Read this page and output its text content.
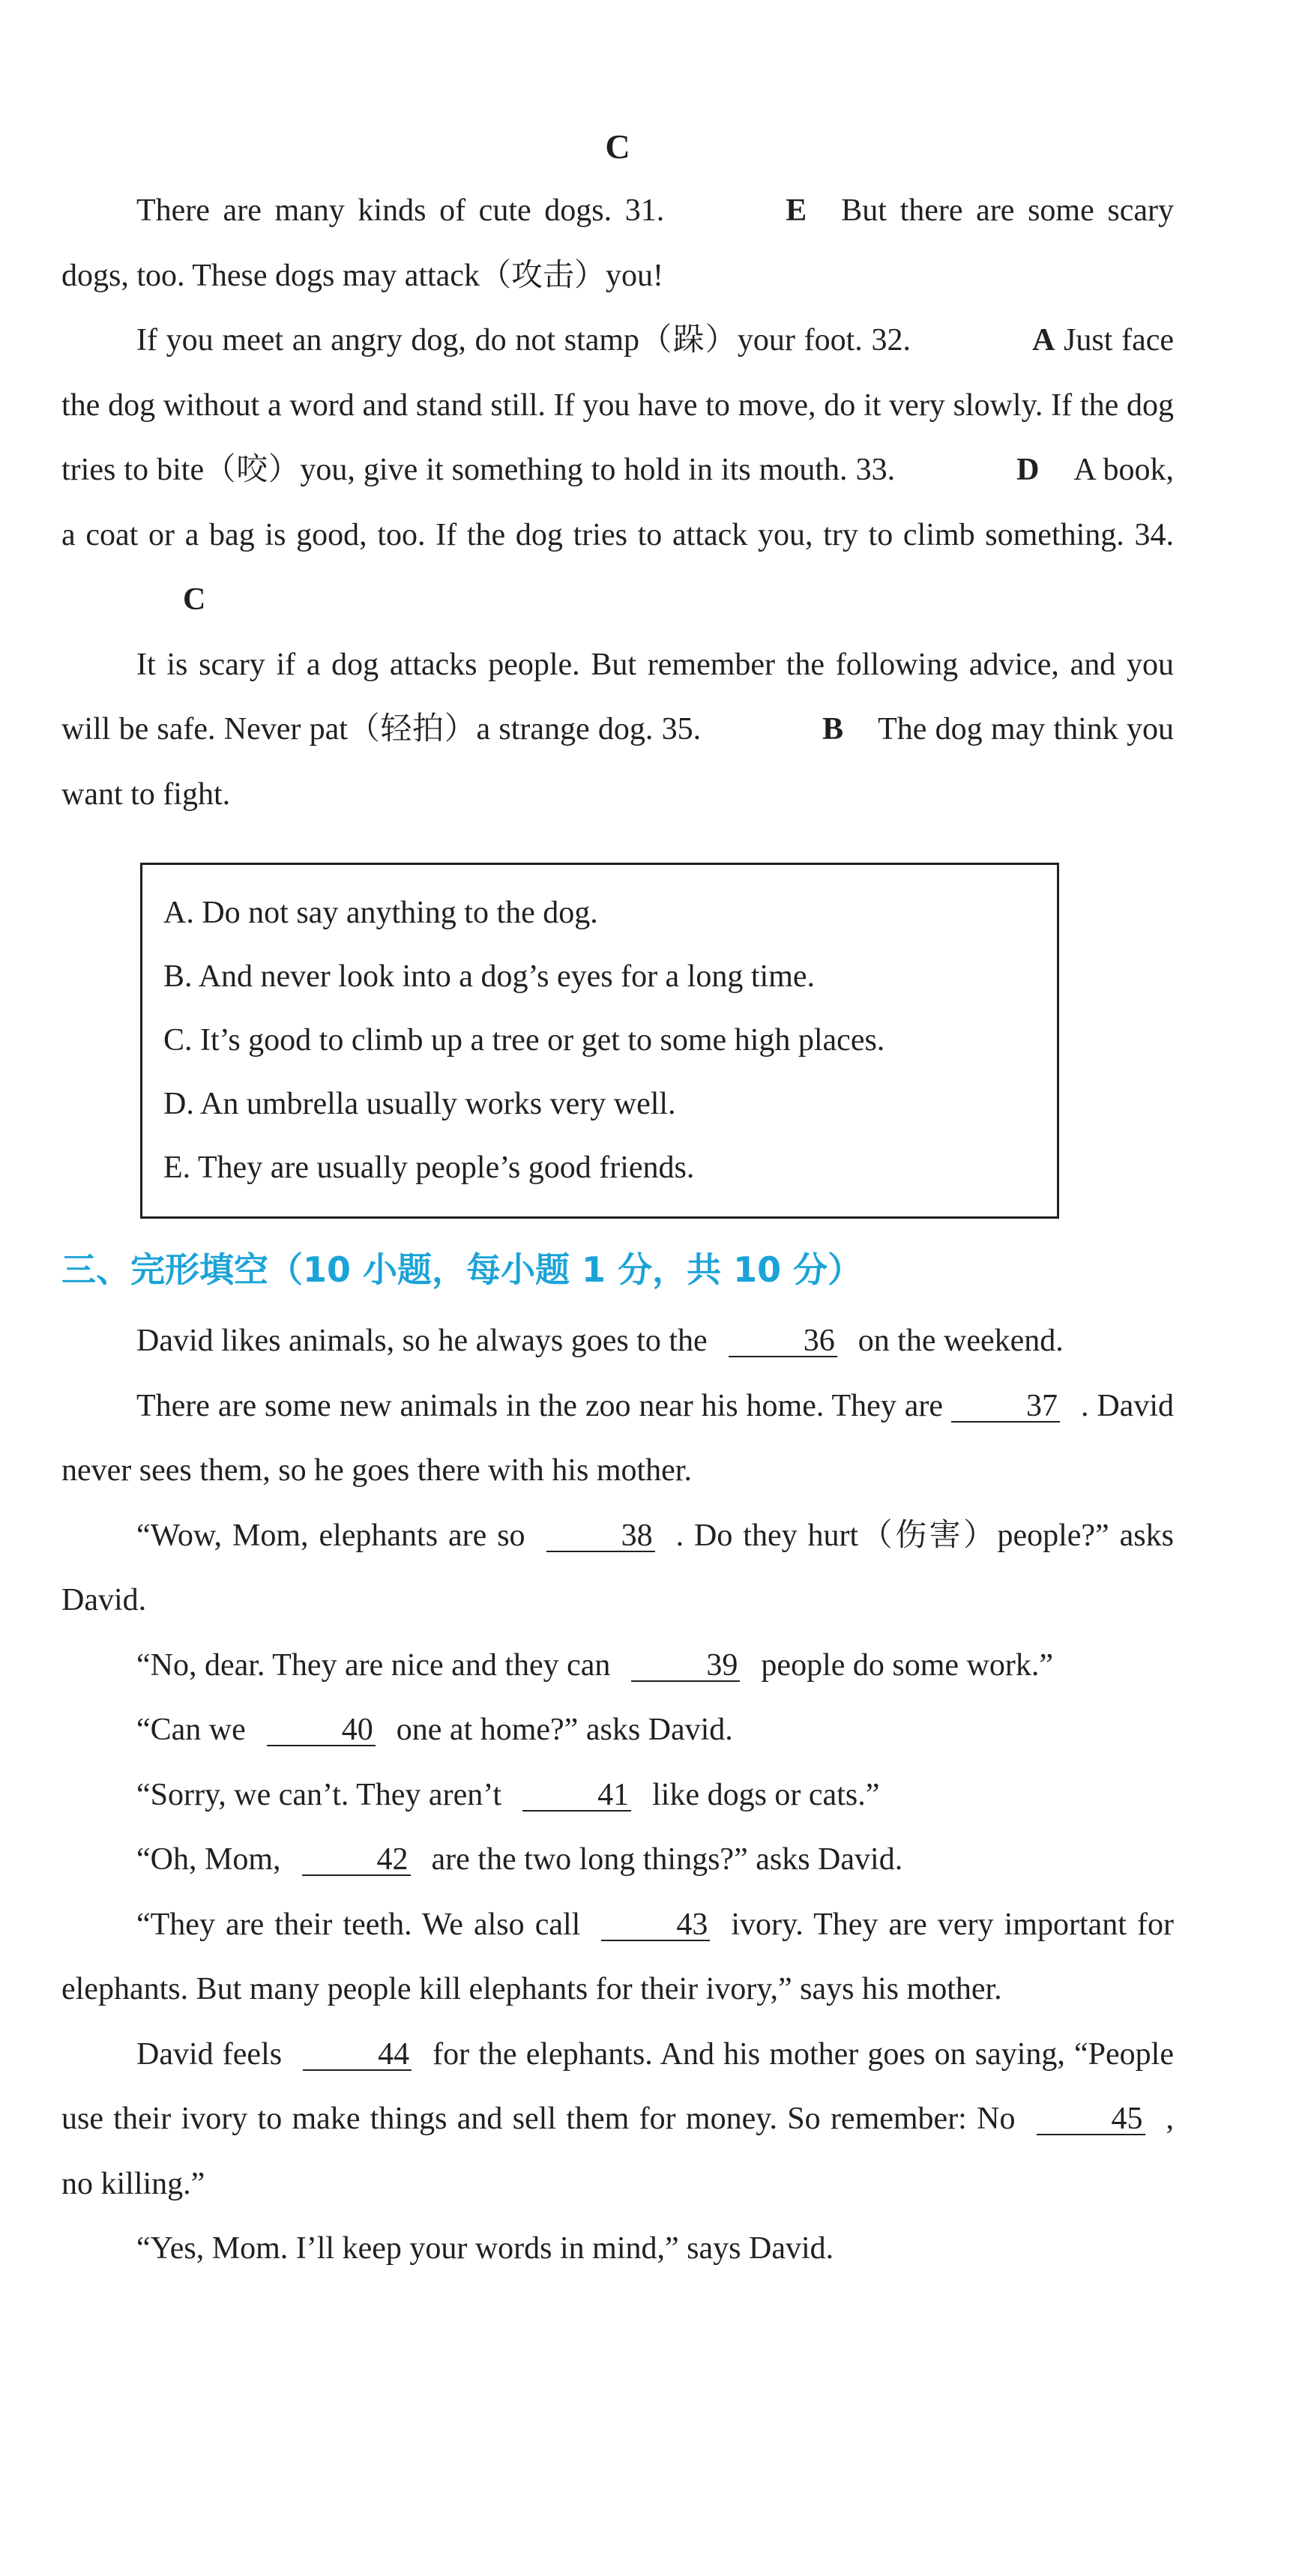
C

There are many kinds of cute dogs. 31.	E But there are some scary dogs, too. These dogs may attack（攻击）you!

If you meet an angry dog, do not stamp（跺）your foot. 32.	A Just face the dog without a word and stand still. If you have to move, do it very slowly. If the dog tries to bite（咬）you, give it something to hold in its mouth. 33.	D A book, a coat or a bag is good, too. If the dog tries to attack you, try to climb something. 34.C

It is scary if a dog attacks people. But remember the following advice, and you will be safe. Never pat（轻拍）a strange dog. 35.	B The dog may think you want to fight.

A. Do not say anything to the dog.
B. And never look into a dog’s eyes for a long time.
C. It’s good to climb up a tree or get to some high places.
D. An umbrella usually works very well.
E. They are usually people’s good friends.
三、完形填空（10 小题，每小题 1 分，共 10 分）

David likes animals, so he always goes to the	36 on the weekend.

There are some new animals in the zoo near his home. They are	37 . David never sees them, so he goes there with his mother.

“Wow, Mom, elephants are so	38 . Do they hurt（伤害）people?” asks David.

“No, dear. They are nice and they can	39 people do some work.”

“Can we	40 one at home?” asks David.

“Sorry, we can’t. They aren’t	41 like dogs or cats.”

“Oh, Mom,	42 are the two long things?” asks David.

“They are their teeth. We also call	43 ivory. They are very important for elephants. But many people kill elephants for their ivory,” says his mother.

David feels	44 for the elephants. And his mother goes on saying, “People use their ivory to make things and sell them for money. So remember: No	45 , no killing.”

“Yes, Mom. I’ll keep your words in mind,” says David.
